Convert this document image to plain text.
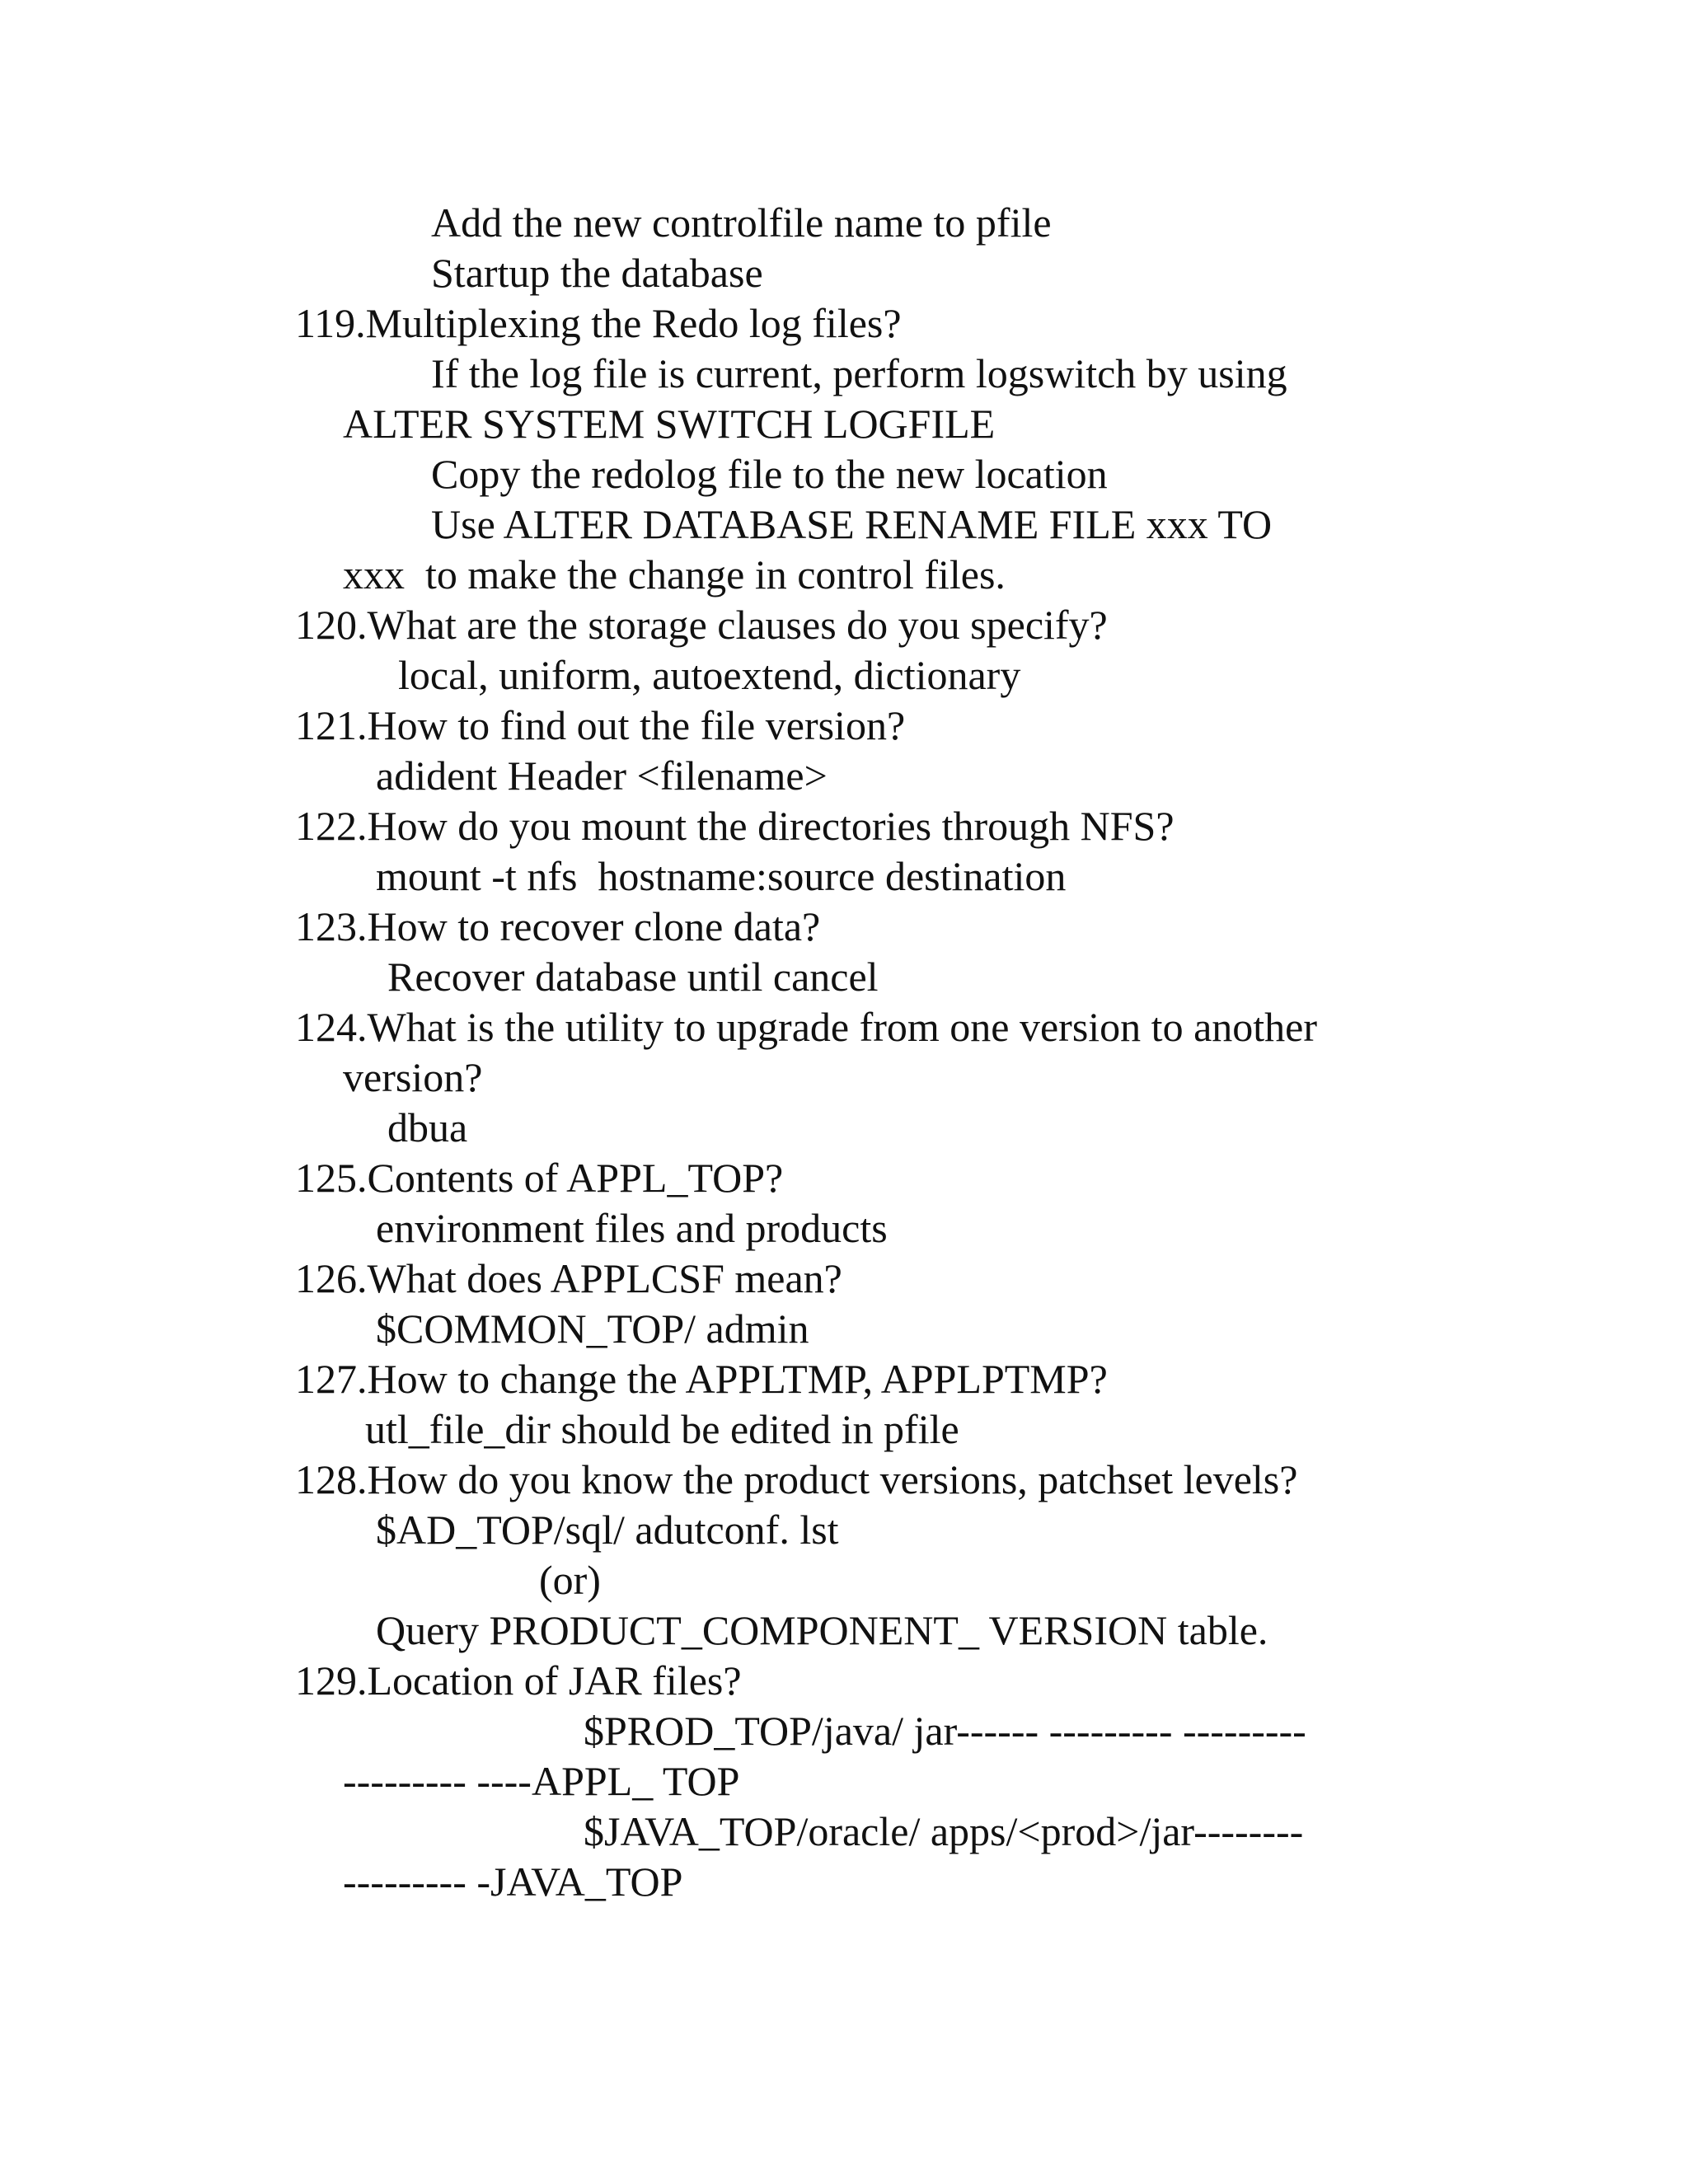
Add the new controlfile name to pfile
Startup the database
119.Multiplexing the Redo log files?
If the log file is current, perform logswitch by using
ALTER SYSTEM SWITCH LOGFILE
Copy the redolog file to the new location
Use ALTER DATABASE RENAME FILE xxx TO
xxx  to make the change in control files.
120.What are the storage clauses do you specify?
local, uniform, autoextend, dictionary
121.How to find out the file version?
adident Header <filename>
122.How do you mount the directories through NFS?
mount -t nfs  hostname:source destination
123.How to recover clone data?
Recover database until cancel
124.What is the utility to upgrade from one version to another
version?
dbua
125.Contents of APPL_TOP?
environment files and products
126.What does APPLCSF mean?
$COMMON_TOP/ admin
127.How to change the APPLTMP, APPLPTMP?
utl_file_dir should be edited in pfile
128.How do you know the product versions, patchset levels?
$AD_TOP/sql/ adutconf. lst
(or)
Query PRODUCT_COMPONENT_ VERSION table.
129.Location of JAR files?
$PROD_TOP/java/ jar------ --------- ---------
--------- ----APPL_ TOP
$JAVA_TOP/oracle/ apps/<prod>/jar--------
--------- -JAVA_TOP
